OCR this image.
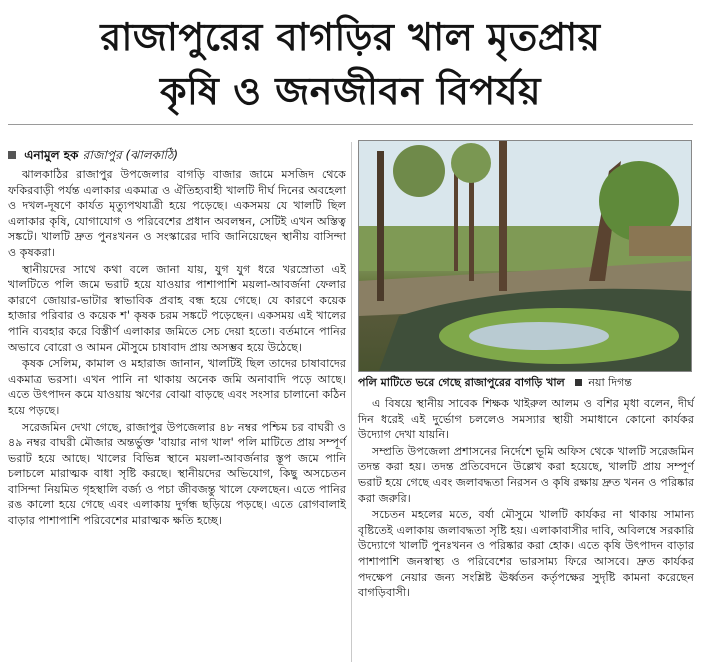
রাজাপুরের বাগড়ির খাল মৃতপ্রায়
কৃষি ও জনজীবন বিপর্যয়
এনামুল হক রাজাপুর (ঝালকাঠি)

ঝালকাঠির রাজাপুর উপজেলার বাগড়ি বাজার জামে মসজিদ থেকে ফকিরবাড়ী পর্যন্ত এলাকার একমাত্র ও ঐতিহ্যবাহী খালটি দীর্ঘ দিনের অবহেলা ও দখল-দূষণে কার্যত মৃত্যুপথযাত্রী হয়ে পড়েছে। একসময় যে খালটি ছিল এলাকার কৃষি, যোগাযোগ ও পরিবেশের প্রধান অবলম্বন, সেটিই এখন অস্তিত্ব সঙ্কটে। খালটি দ্রুত পুনঃখনন ও সংস্কারের দাবি জানিয়েছেন স্থানীয় বাসিন্দা ও কৃষকরা।

স্থানীয়দের সাথে কথা বলে জানা যায়, যুগ যুগ ধরে খরস্রোতা এই খালটিতে পলি জমে ভরাট হয়ে যাওয়ার পাশাপাশি ময়লা-আবর্জনা ফেলার কারণে জোয়ার-ভাটার স্বাভাবিক প্রবাহ বন্ধ হয়ে গেছে। যে কারণে কয়েক হাজার পরিবার ও কয়েক শ' কৃষক চরম সঙ্কটে পড়েছেন। একসময় এই খালের পানি ব্যবহার করে বিস্তীর্ণ এলাকার জমিতে সেচ দেয়া হতো। বর্তমানে পানির অভাবে বোরো ও আমন মৌসুমে চাষাবাদ প্রায় অসম্ভব হয়ে উঠেছে।

কৃষক সেলিম, কামাল ও মহারাজ জানান, খালটিই ছিল তাদের চাষাবাদের একমাত্র ভরসা। এখন পানি না থাকায় অনেক জমি অনাবাদি পড়ে আছে। এতে উৎপাদন কমে যাওয়ায় ঋণের বোঝা বাড়ছে এবং সংসার চালানো কঠিন হয়ে পড়ছে।

সরেজমিন দেখা গেছে, রাজাপুর উপজেলার ৪৮ নম্বর পশ্চিম চর বাঘরী ও ৪৯ নম্বর বাঘরী মৌজার অন্তর্ভুক্ত 'বায়ার নাগ খাল' পলি মাটিতে প্রায় সম্পূর্ণ ভরাট হয়ে আছে। খালের বিভিন্ন স্থানে ময়লা-আবর্জনার স্তূপ জমে পানি চলাচলে মারাত্মক বাধা সৃষ্টি করছে। স্থানীয়দের অভিযোগ, কিছু অসচেতন বাসিন্দা নিয়মিত গৃহস্থালি বর্জ্য ও পচা জীবজন্তু খালে ফেলছেন। এতে পানির রঙ কালো হয়ে গেছে এবং এলাকায় দুর্গন্ধ ছড়িয়ে পড়ছে। এতে রোগবালাই বাড়ার পাশাপাশি পরিবেশের মারাত্মক ক্ষতি হচ্ছে।

পলি মাটিতে ভরে গেছে রাজাপুরের বাগড়ি খাল নয়া দিগন্ত

এ বিষয়ে স্থানীয় সাবেক শিক্ষক খাইরুল আলম ও বশির মৃধা বলেন, দীর্ঘ দিন ধরেই এই দুর্ভোগ চললেও সমস্যার স্থায়ী সমাধানে কোনো কার্যকর উদ্যোগ দেখা যায়নি।

সম্প্রতি উপজেলা প্রশাসনের নির্দেশে ভূমি অফিস থেকে খালটি সরেজমিন তদন্ত করা হয়। তদন্ত প্রতিবেদনে উল্লেখ করা হয়েছে, খালটি প্রায় সম্পূর্ণ ভরাট হয়ে গেছে এবং জলাবদ্ধতা নিরসন ও কৃষি রক্ষায় দ্রুত খনন ও পরিষ্কার করা জরুরি।

সচেতন মহলের মতে, বর্ষা মৌসুমে খালটি কার্যকর না থাকায় সামান্য বৃষ্টিতেই এলাকায় জলাবদ্ধতা সৃষ্টি হয়। এলাকাবাসীর দাবি, অবিলম্বে সরকারি উদ্যোগে খালটি পুনঃখনন ও পরিষ্কার করা হোক। এতে কৃষি উৎপাদন বাড়ার পাশাপাশি জনস্বাস্থ্য ও পরিবেশের ভারসাম্য ফিরে আসবে। দ্রুত কার্যকর পদক্ষেপ নেয়ার জন্য সংশ্লিষ্ট ঊর্ধ্বতন কর্তৃপক্ষের সুদৃষ্টি কামনা করেছেন বাগড়িবাসী।
